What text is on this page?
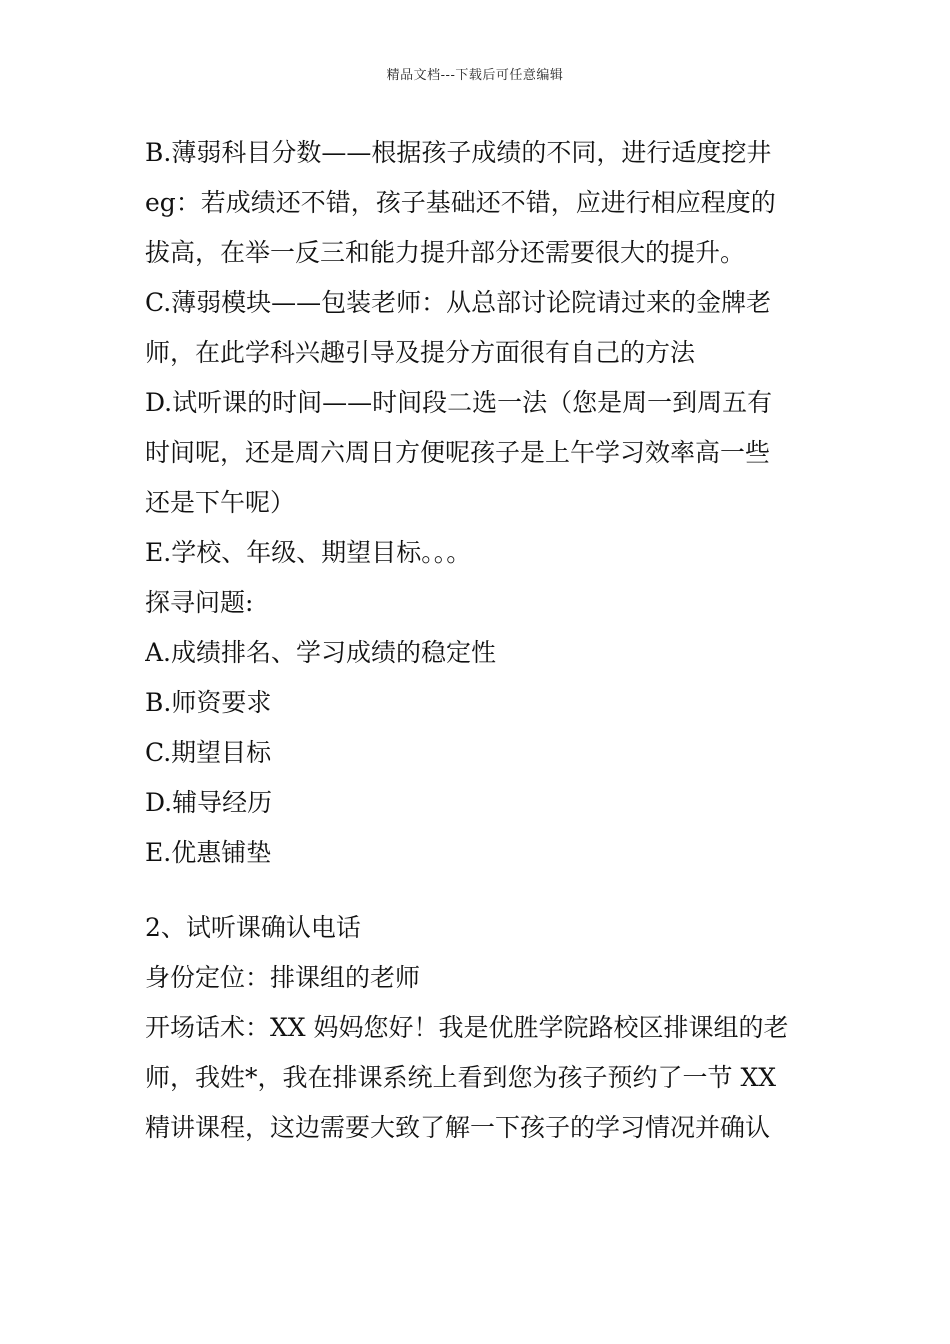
精品文档---下载后可任意编辑
B.薄弱科目分数——根据孩子成绩的不同，进行适度挖井
eg：若成绩还不错，孩子基础还不错，应进行相应程度的
拔高，在举一反三和能力提升部分还需要很大的提升。
C.薄弱模块——包装老师：从总部讨论院请过来的金牌老
师，在此学科兴趣引导及提分方面很有自己的方法
D.试听课的时间——时间段二选一法（您是周一到周五有
时间呢，还是周六周日方便呢孩子是上午学习效率高一些
还是下午呢）
E.学校、年级、期望目标。。。
探寻问题:
A.成绩排名、学习成绩的稳定性
B.师资要求
C.期望目标
D.辅导经历
E.优惠铺垫
2、试听课确认电话
身份定位：排课组的老师
开场话术：XX 妈妈您好！我是优胜学院路校区排课组的老
师，我姓*，我在排课系统上看到您为孩子预约了一节 XX
精讲课程，这边需要大致了解一下孩子的学习情况并确认
